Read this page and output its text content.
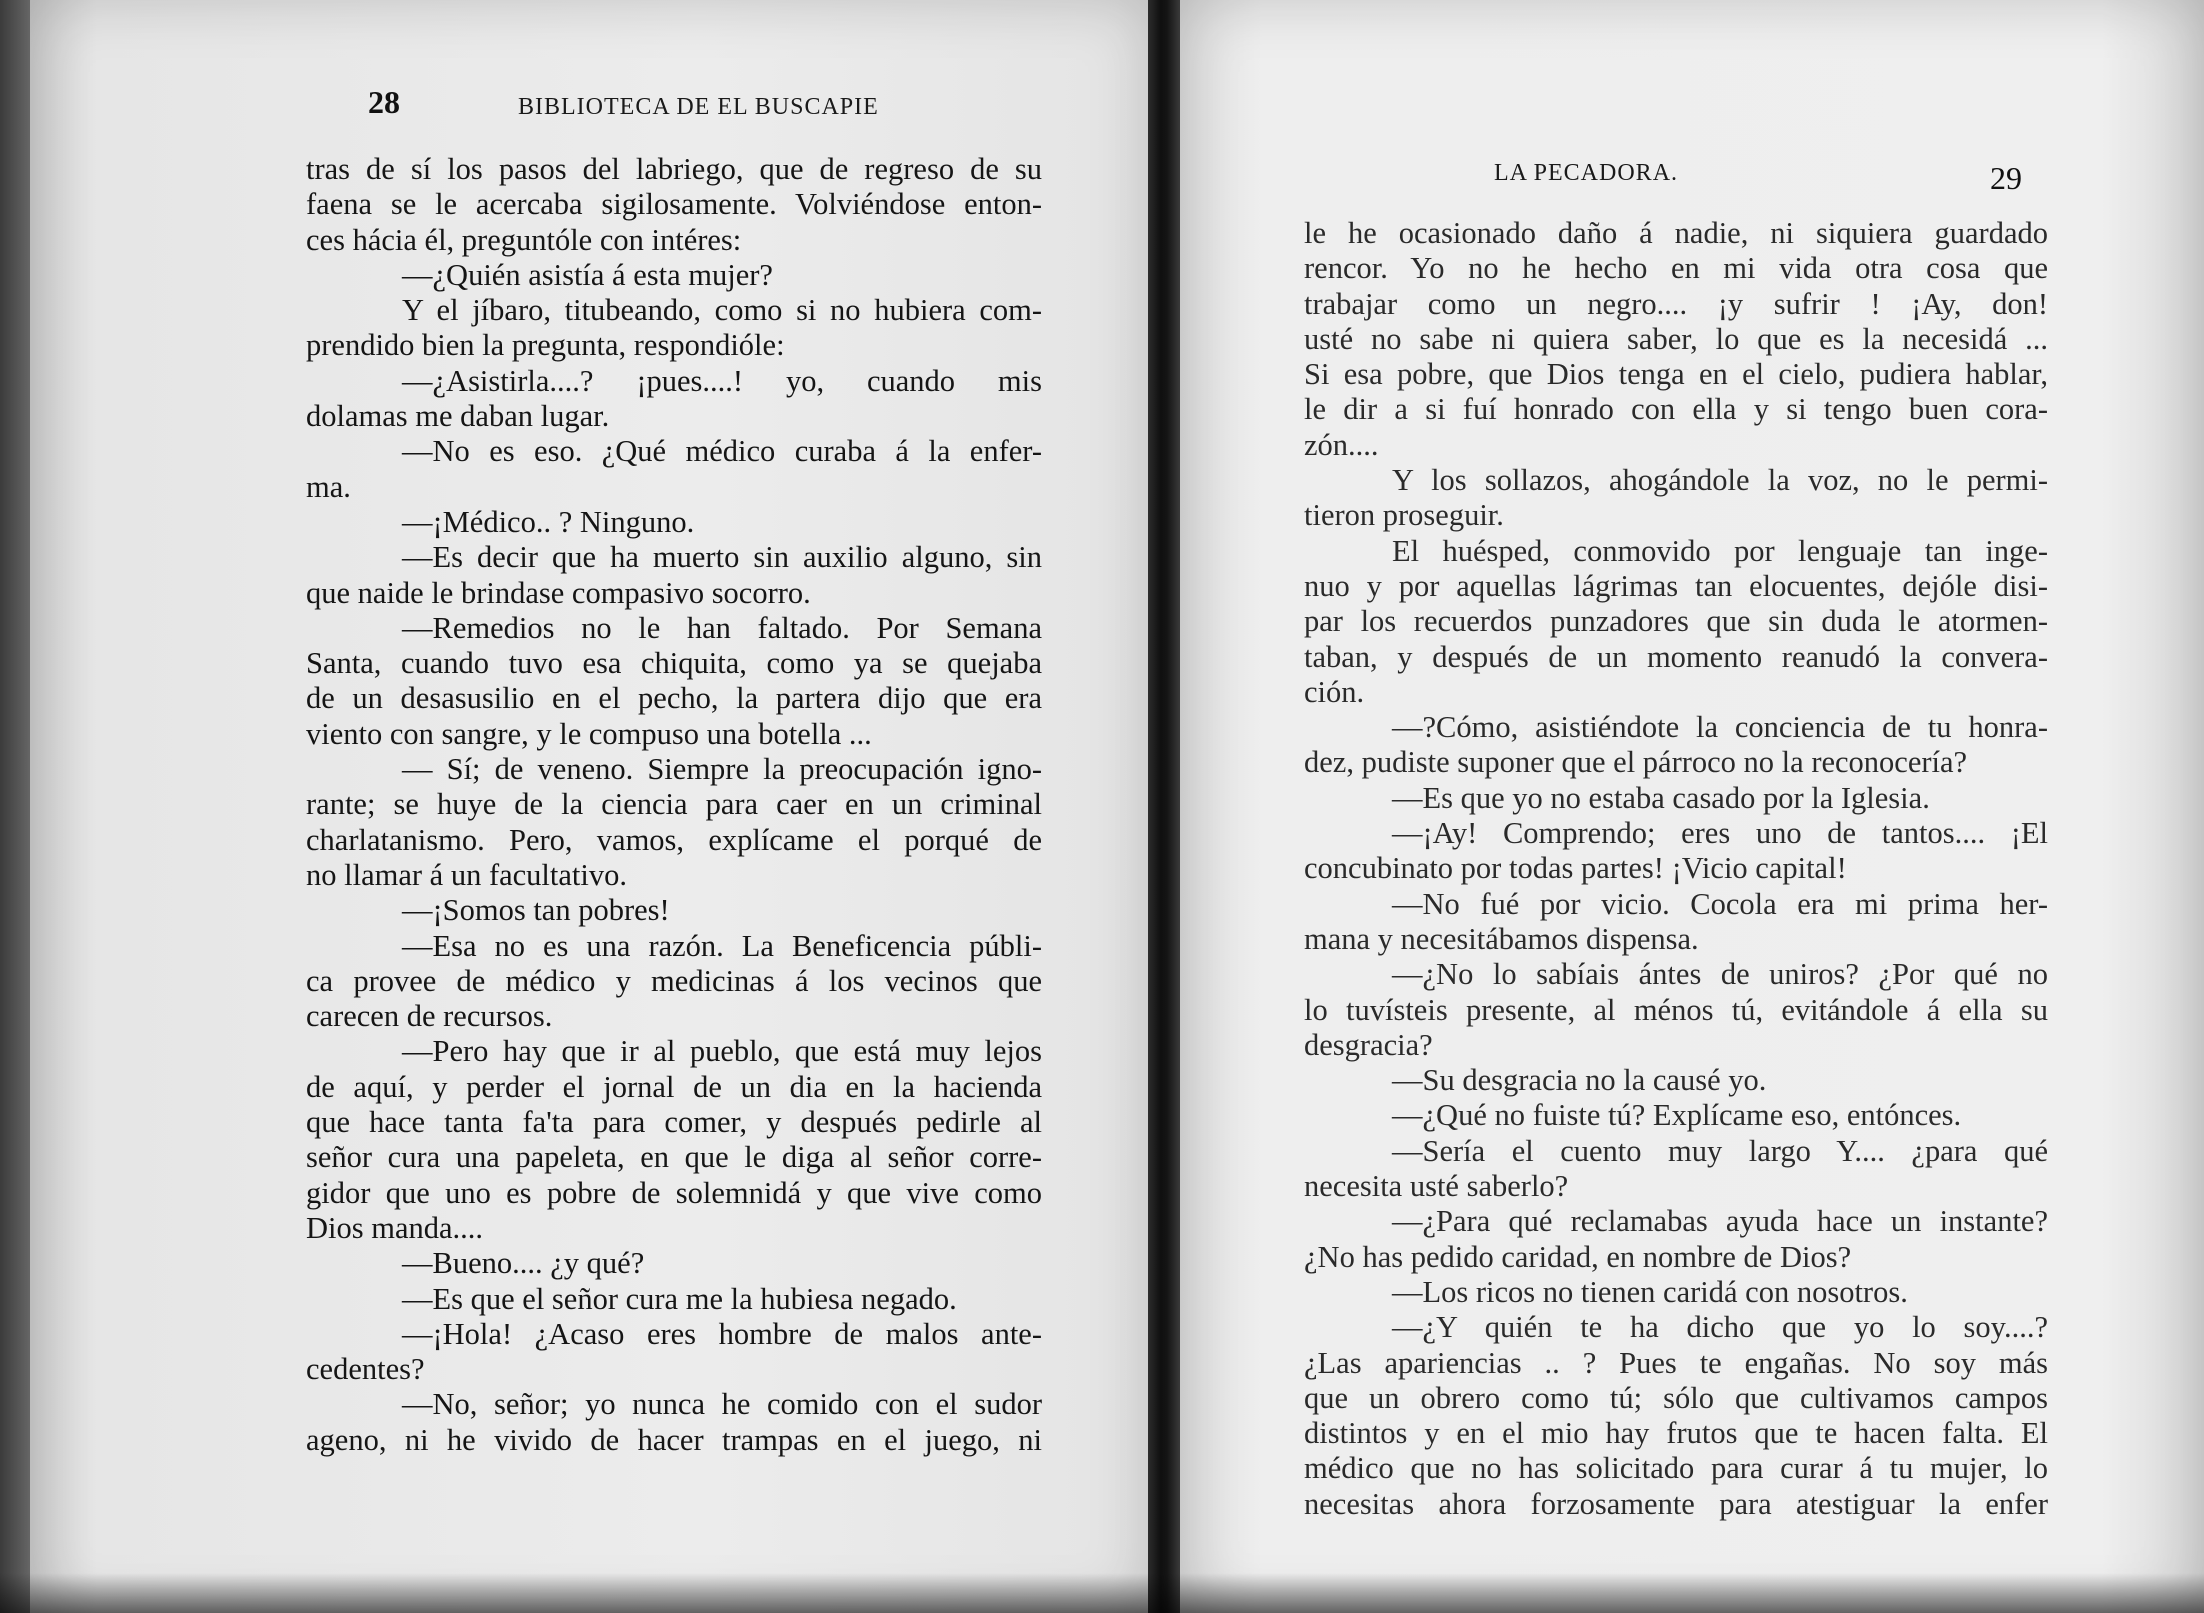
28	BIBLIOTECA DE EL BUSCAPIE
LA PECADORA.	29

tras de sí los pasos del labriego, que de regreso de su

faena se le acercaba sigilosamente. Volviéndose enton-

ces hácia él, preguntóle con intéres:

—¿Quién asistía á esta mujer?

Y el jíbaro, titubeando, como si no hubiera com-

prendido bien la pregunta, respondióle:

—¿Asistirla....? ¡pues....! yo, cuando mis

dolamas me daban lugar.

—No es eso. ¿Qué médico curaba á la enfer-

ma.

—¡Médico.. ? Ninguno.

—Es decir que ha muerto sin auxilio alguno, sin

que naide le brindase compasivo socorro.

—Remedios no le han faltado. Por Semana

Santa, cuando tuvo esa chiquita, como ya se quejaba

de un desasusilio en el pecho, la partera dijo que era

viento con sangre, y le compuso una botella ...

— Sí; de veneno. Siempre la preocupación igno-

rante; se huye de la ciencia para caer en un criminal

charlatanismo. Pero, vamos, explícame el porqué de

no llamar á un facultativo.

—¡Somos tan pobres!

—Esa no es una razón. La Beneficencia públi-

ca provee de médico y medicinas á los vecinos que

carecen de recursos.

—Pero hay que ir al pueblo, que está muy lejos

de aquí, y perder el jornal de un dia en la hacienda

que hace tanta fa'ta para comer, y después pedirle al

señor cura una papeleta, en que le diga al señor corre-

gidor que uno es pobre de solemnidá y que vive como

Dios manda....

—Bueno.... ¿y qué?

—Es que el señor cura me la hubiesa negado.

—¡Hola! ¿Acaso eres hombre de malos ante-

cedentes?

—No, señor; yo nunca he comido con el sudor

ageno, ni he vivido de hacer trampas en el juego, ni

le he ocasionado daño á nadie, ni siquiera guardado

rencor. Yo no he hecho en mi vida otra cosa que

trabajar como un negro.... ¡y sufrir ! ¡Ay, don!

usté no sabe ni quiera saber, lo que es la necesidá ...

Si esa pobre, que Dios tenga en el cielo, pudiera hablar,

le dir a si fuí honrado con ella y si tengo buen cora-

zón....

Y los sollazos, ahogándole la voz, no le permi-

tieron proseguir.

El huésped, conmovido por lenguaje tan inge-

nuo y por aquellas lágrimas tan elocuentes, dejóle disi-

par los recuerdos punzadores que sin duda le atormen-

taban, y después de un momento reanudó la convera-

ción.

—?Cómo, asistiéndote la conciencia de tu honra-

dez, pudiste suponer que el párroco no la reconocería?

—Es que yo no estaba casado por la Iglesia.

—¡Ay! Comprendo; eres uno de tantos.... ¡El

concubinato por todas partes! ¡Vicio capital!

—No fué por vicio. Cocola era mi prima her-

mana y necesitábamos dispensa.

—¿No lo sabíais ántes de uniros? ¿Por qué no

lo tuvísteis presente, al ménos tú, evitándole á ella su

desgracia?

—Su desgracia no la causé yo.

—¿Qué no fuiste tú? Explícame eso, entónces.

—Sería el cuento muy largo Y.... ¿para qué

necesita usté saberlo?

—¿Para qué reclamabas ayuda hace un instante?

¿No has pedido caridad, en nombre de Dios?

—Los ricos no tienen caridá con nosotros.

—¿Y quién te ha dicho que yo lo soy....?

¿Las apariencias .. ? Pues te engañas. No soy más

que un obrero como tú; sólo que cultivamos campos

distintos y en el mio hay frutos que te hacen falta. El

médico que no has solicitado para curar á tu mujer, lo

necesitas ahora forzosamente para atestiguar la enfer
